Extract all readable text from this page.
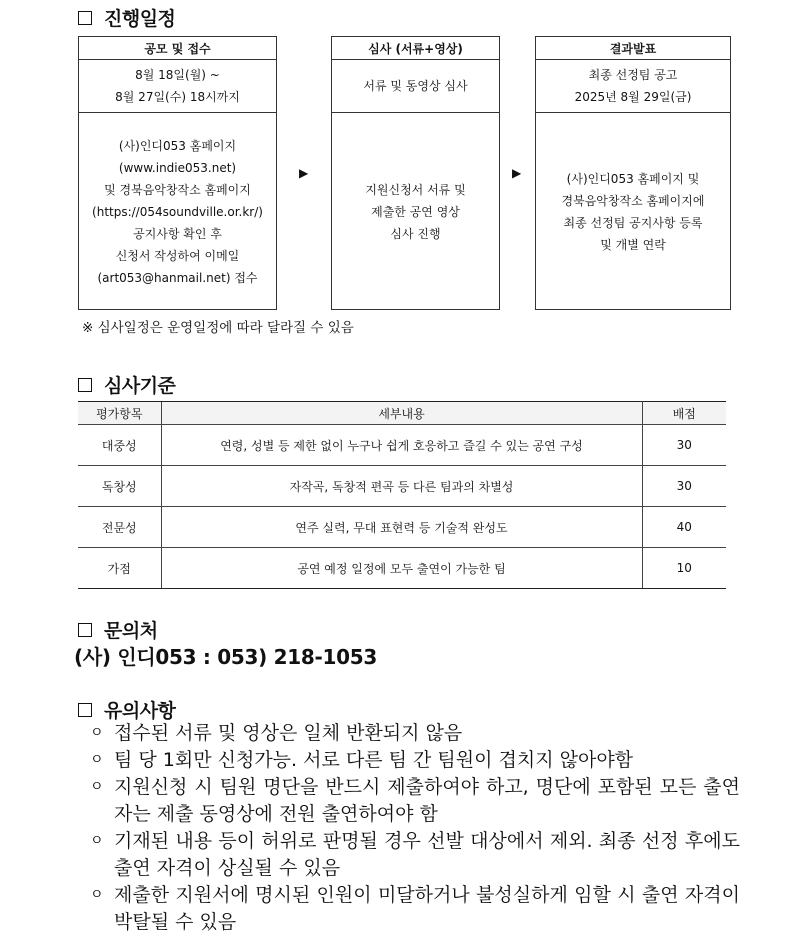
진행일정
공모 및 접수
8월 18일(월) ~
8월 27일(수) 18시까지
(사)인디053 홈페이지
(www.indie053.net)
및 경북음악창작소 홈페이지
(https://054soundville.or.kr/)
공지사항 확인 후
신청서 작성하여 이메일
(art053@hanmail.net) 접수
▶
심사 (서류+영상)
서류 및 동영상 심사
지원신청서 서류 및
제출한 공연 영상
심사 진행
▶
결과발표
최종 선정팀 공고
2025년 8월 29일(금)
(사)인디053 홈페이지 및
경북음악창작소 홈페이지에
최종 선정팀 공지사항 등록
및 개별 연락
※ 심사일정은 운영일정에 따라 달라질 수 있음
심사기준
평가항목	세부내용	배점
대중성	연령, 성별 등 제한 없이 누구나 쉽게 호응하고 즐길 수 있는 공연 구성	30
독창성	자작곡, 독창적 편곡 등 다른 팀과의 차별성	30
전문성	연주 실력, 무대 표현력 등 기술적 완성도	40
가점	공연 예정 일정에 모두 출연이 가능한 팀	10
문의처
(사) 인디053 : 053) 218-1053
유의사항
ㅇ 접수된 서류 및 영상은 일체 반환되지 않음
ㅇ 팀 당 1회만 신청가능. 서로 다른 팀 간 팀원이 겹치지 않아야함
ㅇ 지원신청 시 팀원 명단을 반드시 제출하여야 하고, 명단에 포함된 모든 출연자는 제출 동영상에 전원 출연하여야 함
ㅇ 기재된 내용 등이 허위로 판명될 경우 선발 대상에서 제외. 최종 선정 후에도 출연 자격이 상실될 수 있음
ㅇ 제출한 지원서에 명시된 인원이 미달하거나 불성실하게 임할 시 출연 자격이 박탈될 수 있음
